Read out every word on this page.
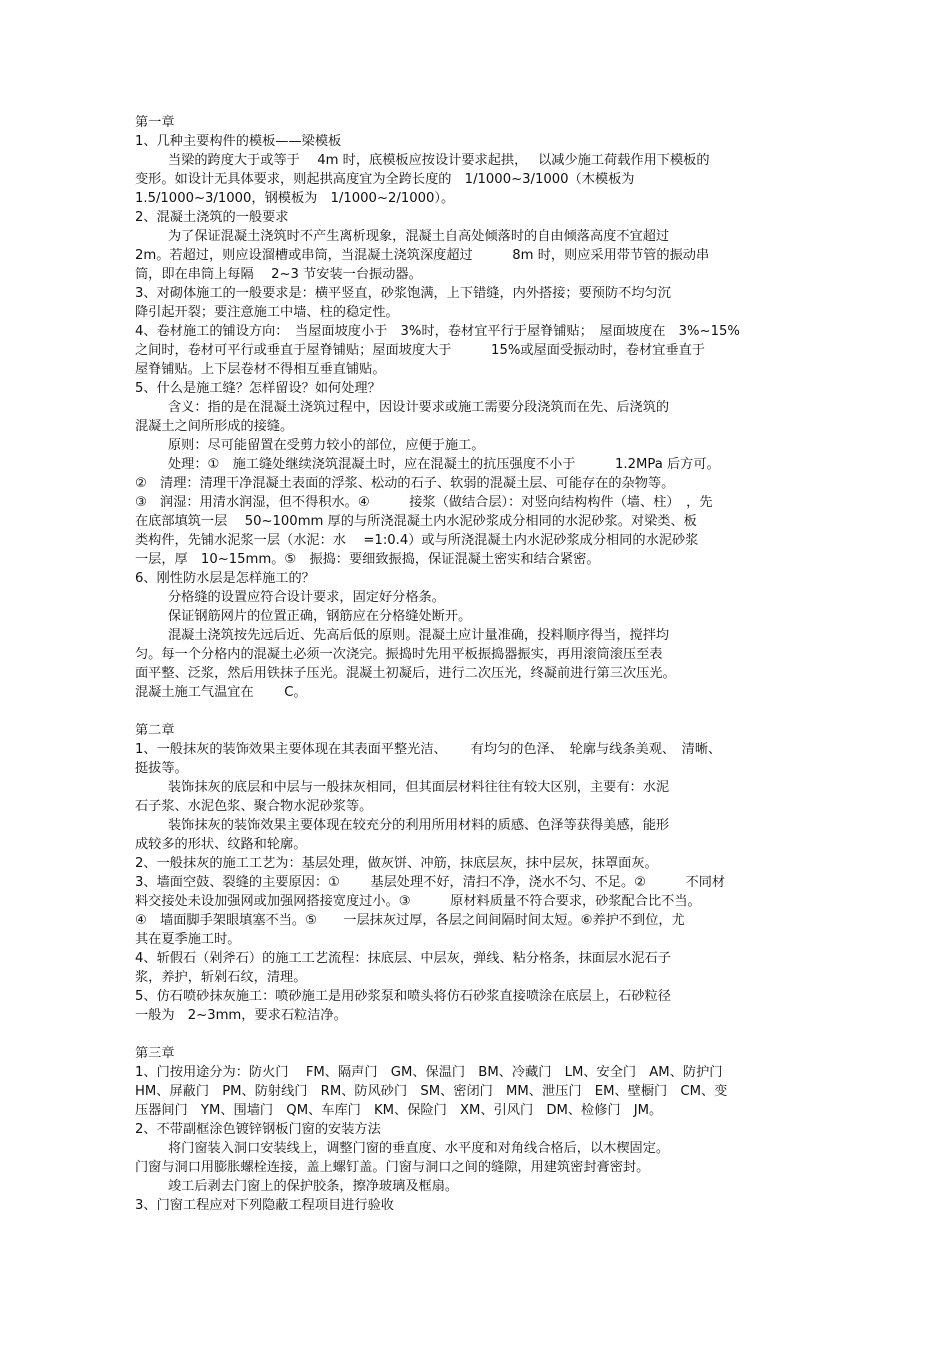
第一章
1、几种主要构件的模板——梁模板
当梁的跨度大于或等于　 4m 时，底模板应按设计要求起拱，　 以减少施工荷载作用下模板的
变形。如设计无具体要求，则起拱高度宜为全跨长度的　1/1000~3/1000（木模板为
1.5/1000~3/1000，钢模板为　1/1000~2/1000）。
2、混凝土浇筑的一般要求
为了保证混凝土浇筑时不产生离析现象，混凝土自高处倾落时的自由倾落高度不宜超过
2m。若超过，则应设溜槽或串筒，当混凝土浇筑深度超过　　　8m 时，则应采用带节管的振动串
筒，即在串筒上每隔　 2~3 节安装一台振动器。
3、对砌体施工的一般要求是：横平竖直，砂浆饱满，上下错缝，内外搭接；要预防不均匀沉
降引起开裂；要注意施工中墙、柱的稳定性。
4、卷材施工的铺设方向：　当屋面坡度小于　3%时，卷材宜平行于屋脊铺贴；　屋面坡度在　3%~15%
之间时，卷材可平行或垂直于屋脊铺贴；屋面坡度大于　　　15%或屋面受振动时，卷材宜垂直于
屋脊铺贴。上下层卷材不得相互垂直铺贴。
5、什么是施工缝？怎样留设？如何处理？
含义：指的是在混凝土浇筑过程中，因设计要求或施工需要分段浇筑而在先、后浇筑的
混凝土之间所形成的接缝。
原则：尽可能留置在受剪力较小的部位，应便于施工。
处理：①　施工缝处继续浇筑混凝土时，应在混凝土的抗压强度不小于　　　1.2MPa 后方可。
②　清理：清理干净混凝土表面的浮浆、松动的石子、软弱的混凝土层、可能存在的杂物等。
③　润湿：用清水润湿，但不得积水。④　　　接浆（做结合层）：对竖向结构构件（墙、柱）　，先
在底部填筑一层　 50~100mm 厚的与所浇混凝土内水泥砂浆成分相同的水泥砂浆。对梁类、板
类构件，先铺水泥浆一层（水泥：水　 =1:0.4）或与所浇混凝土内水泥砂浆成分相同的水泥砂浆
一层，厚　10~15mm。⑤　振捣：要细致振捣，保证混凝土密实和结合紧密。
6、刚性防水层是怎样施工的？
分格缝的设置应符合设计要求，固定好分格条。
保证钢筋网片的位置正确，钢筋应在分格缝处断开。
混凝土浇筑按先远后近、先高后低的原则。混凝土应计量准确，投料顺序得当，搅拌均
匀。每一个分格内的混凝土必须一次浇完。振捣时先用平板振捣器振实，再用滚筒滚压至表
面平整、泛浆，然后用铁抹子压光。混凝土初凝后，进行二次压光，终凝前进行第三次压光。
混凝土施工气温宜在　　 C。
第二章
1、一般抹灰的装饰效果主要体现在其表面平整光洁、　　 有均匀的色泽、　轮廓与线条美观、　清晰、
挺拔等。
装饰抹灰的底层和中层与一般抹灰相同，但其面层材料往往有较大区别，主要有：水泥
石子浆、水泥色浆、聚合物水泥砂浆等。
装饰抹灰的装饰效果主要体现在较充分的利用所用材料的质感、色泽等获得美感，能形
成较多的形状、纹路和轮廓。
2、一般抹灰的施工工艺为：基层处理，做灰饼、冲筋，抹底层灰，抹中层灰，抹罩面灰。
3、墙面空鼓、裂缝的主要原因：①　　 基层处理不好，清扫不净，浇水不匀、不足。②　　　不同材
料交接处未设加强网或加强网搭接宽度过小。③　　　原材料质量不符合要求，砂浆配合比不当。
④　墙面脚手架眼填塞不当。⑤　　一层抹灰过厚，各层之间间隔时间太短。⑥养护不到位，尤
其在夏季施工时。
4、斩假石（剁斧石）的施工工艺流程：抹底层、中层灰，弹线、粘分格条，抹面层水泥石子
浆，养护，斩剁石纹，清理。
5、仿石喷砂抹灰施工：喷砂施工是用砂浆泵和喷头将仿石砂浆直接喷涂在底层上，石砂粒径
一般为　2~3mm，要求石粒洁净。
第三章
1、门按用途分为：防火门　 FM、隔声门　GM、保温门　BM、冷藏门　LM、安全门　AM、防护门
HM、屏蔽门　PM、防射线门　RM、防风砂门　SM、密闭门　MM、泄压门　EM、壁橱门　CM、变
压器间门　YM、围墙门　QM、车库门　KM、保险门　XM、引风门　DM、检修门　JM。
2、不带副框涂色镀锌钢板门窗的安装方法
将门窗装入洞口安装线上，调整门窗的垂直度、水平度和对角线合格后，以木楔固定。
门窗与洞口用膨胀螺栓连接，盖上螺钉盖。门窗与洞口之间的缝隙，用建筑密封膏密封。
竣工后剥去门窗上的保护胶条，擦净玻璃及框扇。
3、门窗工程应对下列隐蔽工程项目进行验收
